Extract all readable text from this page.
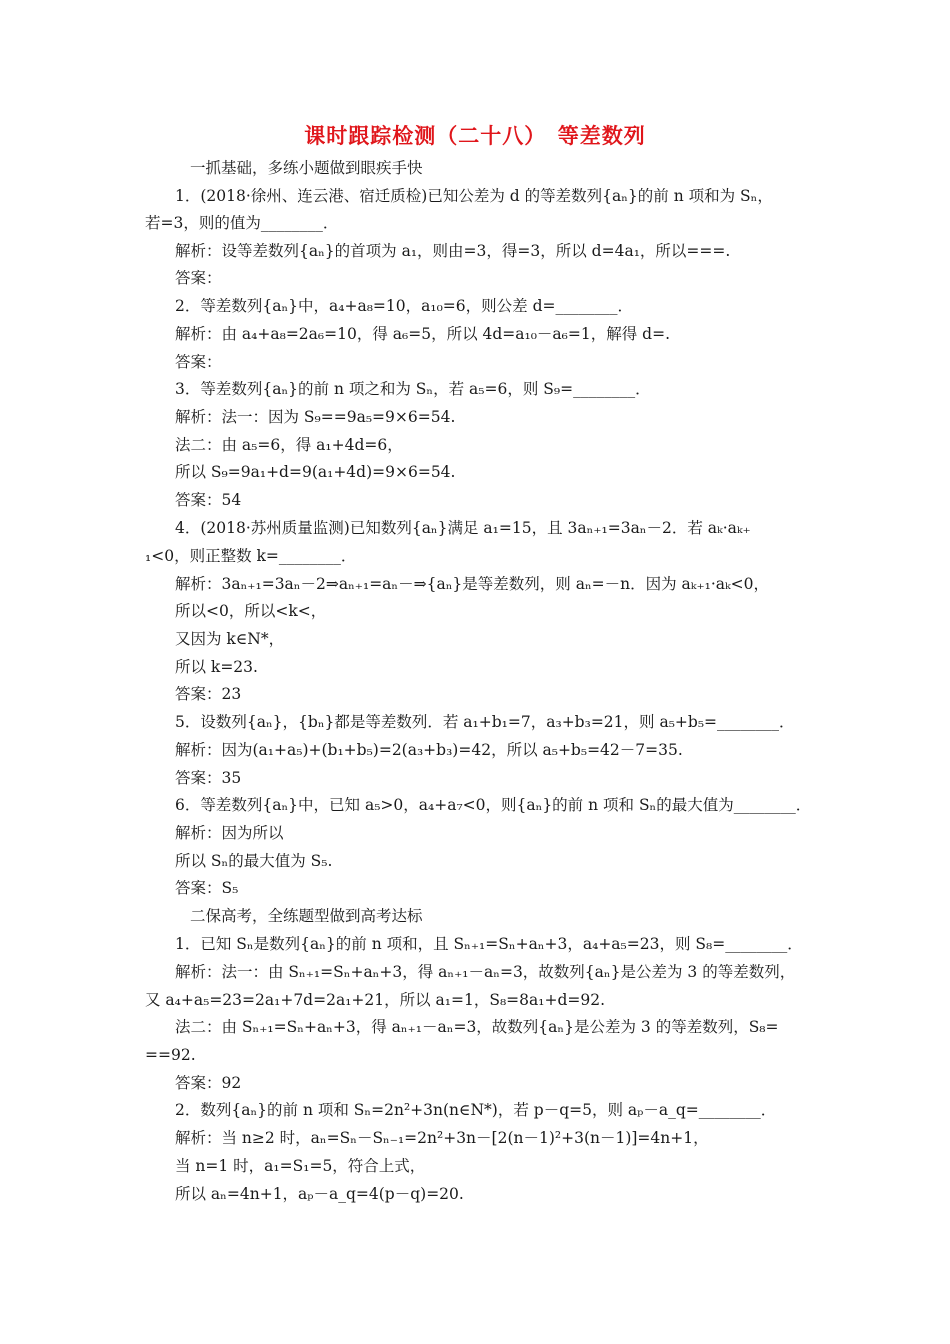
课时跟踪检测（二十八）　等差数列
一抓基础，多练小题做到眼疾手快
1．(2018·徐州、连云港、宿迁质检)已知公差为 d 的等差数列{aₙ}的前 n 项和为 Sₙ，
若=3，则的值为________．
解析：设等差数列{aₙ}的首项为 a₁，则由=3，得=3，所以 d=4a₁，所以===.
答案：
2．等差数列{aₙ}中，a₄+a₈=10，a₁₀=6，则公差 d=________．
解析：由 a₄+a₈=2a₆=10，得 a₆=5，所以 4d=a₁₀－a₆=1，解得 d=.
答案：
3．等差数列{aₙ}的前 n 项之和为 Sₙ，若 a₅=6，则 S₉=________．
解析：法一：因为 S₉==9a₅=9×6=54.
法二：由 a₅=6，得 a₁+4d=6，
所以 S₉=9a₁+d=9(a₁+4d)=9×6=54.
答案：54
4．(2018·苏州质量监测)已知数列{aₙ}满足 a₁=15，且 3aₙ₊₁=3aₙ－2．若 aₖ·aₖ₊
₁<0，则正整数 k=________．
解析：3aₙ₊₁=3aₙ－2⇒aₙ₊₁=aₙ－⇒{aₙ}是等差数列，则 aₙ=－n．因为 aₖ₊₁·aₖ<0，
所以<0，所以<k<，
又因为 k∈N*，
所以 k=23.
答案：23
5．设数列{aₙ}，{bₙ}都是等差数列．若 a₁+b₁=7，a₃+b₃=21，则 a₅+b₅=________．
解析：因为(a₁+a₅)+(b₁+b₅)=2(a₃+b₃)=42，所以 a₅+b₅=42－7=35.
答案：35
6．等差数列{aₙ}中，已知 a₅>0，a₄+a₇<0，则{aₙ}的前 n 项和 Sₙ的最大值为________．
解析：因为所以
所以 Sₙ的最大值为 S₅.
答案：S₅
二保高考，全练题型做到高考达标
1．已知 Sₙ是数列{aₙ}的前 n 项和，且 Sₙ₊₁=Sₙ+aₙ+3，a₄+a₅=23，则 S₈=________．
解析：法一：由 Sₙ₊₁=Sₙ+aₙ+3，得 aₙ₊₁－aₙ=3，故数列{aₙ}是公差为 3 的等差数列，
又 a₄+a₅=23=2a₁+7d=2a₁+21，所以 a₁=1，S₈=8a₁+d=92.
法二：由 Sₙ₊₁=Sₙ+aₙ+3，得 aₙ₊₁－aₙ=3，故数列{aₙ}是公差为 3 的等差数列，S₈=
==92.
答案：92
2．数列{aₙ}的前 n 项和 Sₙ=2n²+3n(n∈N*)，若 p－q=5，则 aₚ－a_q=________．
解析：当 n≥2 时，aₙ=Sₙ－Sₙ₋₁=2n²+3n－[2(n－1)²+3(n－1)]=4n+1，
当 n=1 时，a₁=S₁=5，符合上式，
所以 aₙ=4n+1，aₚ－a_q=4(p－q)=20.
